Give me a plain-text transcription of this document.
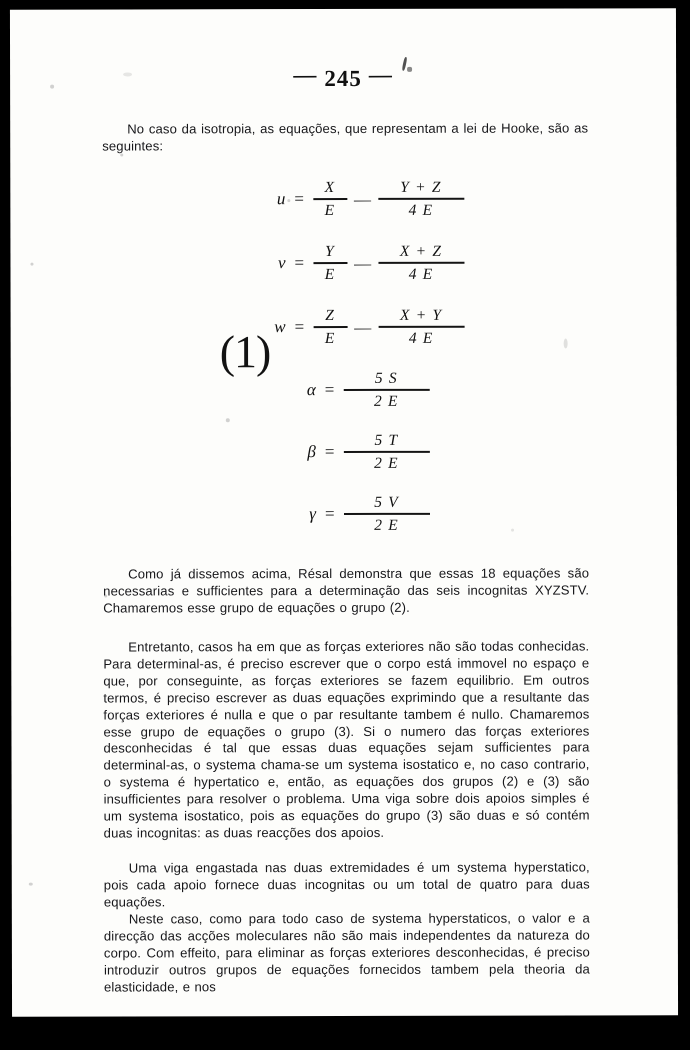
— 245 —

No caso da isotropia, as equações, que representam a lei de Hooke, são as seguintes:

$u = \frac{X}{E}$ — $\frac{Y + Z}{4 E}$
$v = \frac{Y}{E}$ — $\frac{X + Z}{4 E}$
$w = \frac{Z}{E}$ — $\frac{X + Y}{4 E}$
$\alpha = \frac{5 S}{2 E}$
$\beta = \frac{5 T}{2 E}$
$\gamma = \frac{5 V}{2 E}$
(1)

Como já dissemos acima, Résal demonstra que essas 18 equações são necessarias e sufficientes para a determinação das seis incognitas XYZSTV. Chamaremos esse grupo de equações o grupo (2).

Entretanto, casos ha em que as forças exteriores não são todas conhecidas. Para determinal-as, é preciso escrever que o corpo está immovel no espaço e que, por conseguinte, as forças exteriores se fazem equilibrio. Em outros termos, é preciso escrever as duas equações exprimindo que a resultante das forças exteriores é nulla e que o par resultante tambem é nullo. Chamaremos esse grupo de equações o grupo (3). Si o numero das forças exteriores desconhecidas é tal que essas duas equações sejam sufficientes para determinal-as, o systema chama-se um systema isostatico e, no caso contrario, o systema é hypertatico e, então, as equações dos grupos (2) e (3) são insufficientes para resolver o problema. Uma viga sobre dois apoios simples é um systema isostatico, pois as equações do grupo (3) são duas e só contém duas incognitas: as duas reacções dos apoios.

Uma viga engastada nas duas extremidades é um systema hyperstatico, pois cada apoio fornece duas incognitas ou um total de quatro para duas equações.

Neste caso, como para todo caso de systema hyperstaticos, o valor e a direcção das acções moleculares não são mais independentes da natureza do corpo. Com effeito, para eliminar as forças exteriores desconhecidas, é preciso introduzir outros grupos de equações fornecidos tambem pela theoria da elasticidade, e nos
